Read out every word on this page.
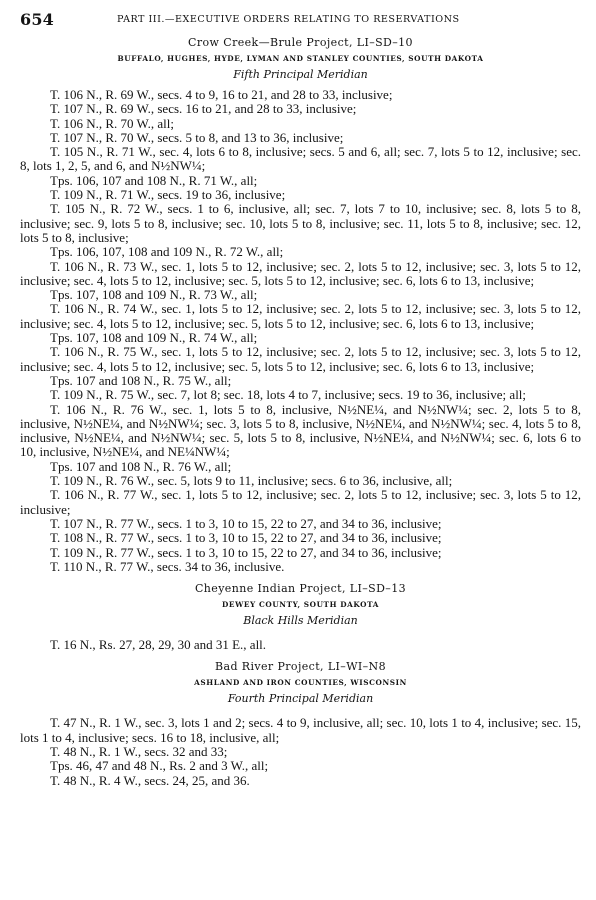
654	PART III.—EXECUTIVE ORDERS RELATING TO RESERVATIONS
Crow Creek—Brule Project, LI–SD–10
BUFFALO, HUGHES, HYDE, LYMAN AND STANLEY COUNTIES, SOUTH DAKOTA
Fifth Principal Meridian

T. 106 N., R. 69 W., secs. 4 to 9, 16 to 21, and 28 to 33, inclusive;

T. 107 N., R. 69 W., secs. 16 to 21, and 28 to 33, inclusive;

T. 106 N., R. 70 W., all;

T. 107 N., R. 70 W., secs. 5 to 8, and 13 to 36, inclusive;

T. 105 N., R. 71 W., sec. 4, lots 6 to 8, inclusive; secs. 5 and 6, all; sec. 7, lots 5 to 12, inclusive; sec. 8, lots 1, 2, 5, and 6, and N½NW¼;

Tps. 106, 107 and 108 N., R. 71 W., all;

T. 109 N., R. 71 W., secs. 19 to 36, inclusive;

T. 105 N., R. 72 W., secs. 1 to 6, inclusive, all; sec. 7, lots 7 to 10, inclusive; sec. 8, lots 5 to 8, inclusive; sec. 9, lots 5 to 8, inclusive; sec. 10, lots 5 to 8, inclusive; sec. 11, lots 5 to 8, inclusive; sec. 12, lots 5 to 8, inclusive;

Tps. 106, 107, 108 and 109 N., R. 72 W., all;

T. 106 N., R. 73 W., sec. 1, lots 5 to 12, inclusive; sec. 2, lots 5 to 12, inclusive; sec. 3, lots 5 to 12, inclusive; sec. 4, lots 5 to 12, inclusive; sec. 5, lots 5 to 12, inclusive; sec. 6, lots 6 to 13, inclusive;

Tps. 107, 108 and 109 N., R. 73 W., all;

T. 106 N., R. 74 W., sec. 1, lots 5 to 12, inclusive; sec. 2, lots 5 to 12, inclusive; sec. 3, lots 5 to 12, inclusive; sec. 4, lots 5 to 12, inclusive; sec. 5, lots 5 to 12, inclusive; sec. 6, lots 6 to 13, inclusive;

Tps. 107, 108 and 109 N., R. 74 W., all;

T. 106 N., R. 75 W., sec. 1, lots 5 to 12, inclusive; sec. 2, lots 5 to 12, inclusive; sec. 3, lots 5 to 12, inclusive; sec. 4, lots 5 to 12, inclusive; sec. 5, lots 5 to 12, inclusive; sec. 6, lots 6 to 13, inclusive;

Tps. 107 and 108 N., R. 75 W., all;

T. 109 N., R. 75 W., sec. 7, lot 8; sec. 18, lots 4 to 7, inclusive; secs. 19 to 36, inclusive; all;

T. 106 N., R. 76 W., sec. 1, lots 5 to 8, inclusive, N½NE¼, and N½NW¼; sec. 2, lots 5 to 8, inclusive, N½NE¼, and N½NW¼; sec. 3, lots 5 to 8, inclusive, N½NE¼, and N½NW¼; sec. 4, lots 5 to 8, inclusive, N½NE¼, and N½NW¼; sec. 5, lots 5 to 8, inclusive, N½NE¼, and N½NW¼; sec. 6, lots 6 to 10, inclusive, N½NE¼, and NE¼NW¼;

Tps. 107 and 108 N., R. 76 W., all;

T. 109 N., R. 76 W., sec. 5, lots 9 to 11, inclusive; secs. 6 to 36, inclusive, all;

T. 106 N., R. 77 W., sec. 1, lots 5 to 12, inclusive; sec. 2, lots 5 to 12, inclusive; sec. 3, lots 5 to 12, inclusive;

T. 107 N., R. 77 W., secs. 1 to 3, 10 to 15, 22 to 27, and 34 to 36, inclusive;

T. 108 N., R. 77 W., secs. 1 to 3, 10 to 15, 22 to 27, and 34 to 36, inclusive;

T. 109 N., R. 77 W., secs. 1 to 3, 10 to 15, 22 to 27, and 34 to 36, inclusive;

T. 110 N., R. 77 W., secs. 34 to 36, inclusive.

Cheyenne Indian Project, LI–SD–13
DEWEY COUNTY, SOUTH DAKOTA
Black Hills Meridian

T. 16 N., Rs. 27, 28, 29, 30 and 31 E., all.

Bad River Project, LI–WI–N8
ASHLAND AND IRON COUNTIES, WISCONSIN
Fourth Principal Meridian

T. 47 N., R. 1 W., sec. 3, lots 1 and 2; secs. 4 to 9, inclusive, all; sec. 10, lots 1 to 4, inclusive; sec. 15, lots 1 to 4, inclusive; secs. 16 to 18, inclusive, all;

T. 48 N., R. 1 W., secs. 32 and 33;

Tps. 46, 47 and 48 N., Rs. 2 and 3 W., all;

T. 48 N., R. 4 W., secs. 24, 25, and 36.
